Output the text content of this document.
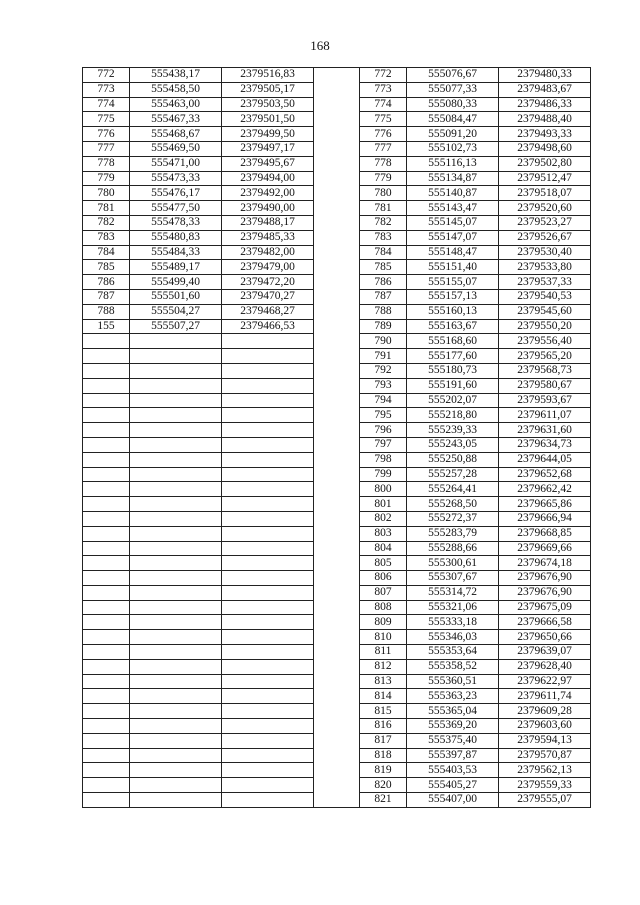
168
772	555438,17	2379516,83		772	555076,67	2379480,33
773	555458,50	2379505,17		773	555077,33	2379483,67
774	555463,00	2379503,50		774	555080,33	2379486,33
775	555467,33	2379501,50		775	555084,47	2379488,40
776	555468,67	2379499,50		776	555091,20	2379493,33
777	555469,50	2379497,17		777	555102,73	2379498,60
778	555471,00	2379495,67		778	555116,13	2379502,80
779	555473,33	2379494,00		779	555134,87	2379512,47
780	555476,17	2379492,00		780	555140,87	2379518,07
781	555477,50	2379490,00		781	555143,47	2379520,60
782	555478,33	2379488,17		782	555145,07	2379523,27
783	555480,83	2379485,33		783	555147,07	2379526,67
784	555484,33	2379482,00		784	555148,47	2379530,40
785	555489,17	2379479,00		785	555151,40	2379533,80
786	555499,40	2379472,20		786	555155,07	2379537,33
787	555501,60	2379470,27		787	555157,13	2379540,53
788	555504,27	2379468,27		788	555160,13	2379545,60
155	555507,27	2379466,53		789	555163,67	2379550,20
				790	555168,60	2379556,40
				791	555177,60	2379565,20
				792	555180,73	2379568,73
				793	555191,60	2379580,67
				794	555202,07	2379593,67
				795	555218,80	2379611,07
				796	555239,33	2379631,60
				797	555243,05	2379634,73
				798	555250,88	2379644,05
				799	555257,28	2379652,68
				800	555264,41	2379662,42
				801	555268,50	2379665,86
				802	555272,37	2379666,94
				803	555283,79	2379668,85
				804	555288,66	2379669,66
				805	555300,61	2379674,18
				806	555307,67	2379676,90
				807	555314,72	2379676,90
				808	555321,06	2379675,09
				809	555333,18	2379666,58
				810	555346,03	2379650,66
				811	555353,64	2379639,07
				812	555358,52	2379628,40
				813	555360,51	2379622,97
				814	555363,23	2379611,74
				815	555365,04	2379609,28
				816	555369,20	2379603,60
				817	555375,40	2379594,13
				818	555397,87	2379570,87
				819	555403,53	2379562,13
				820	555405,27	2379559,33
				821	555407,00	2379555,07
